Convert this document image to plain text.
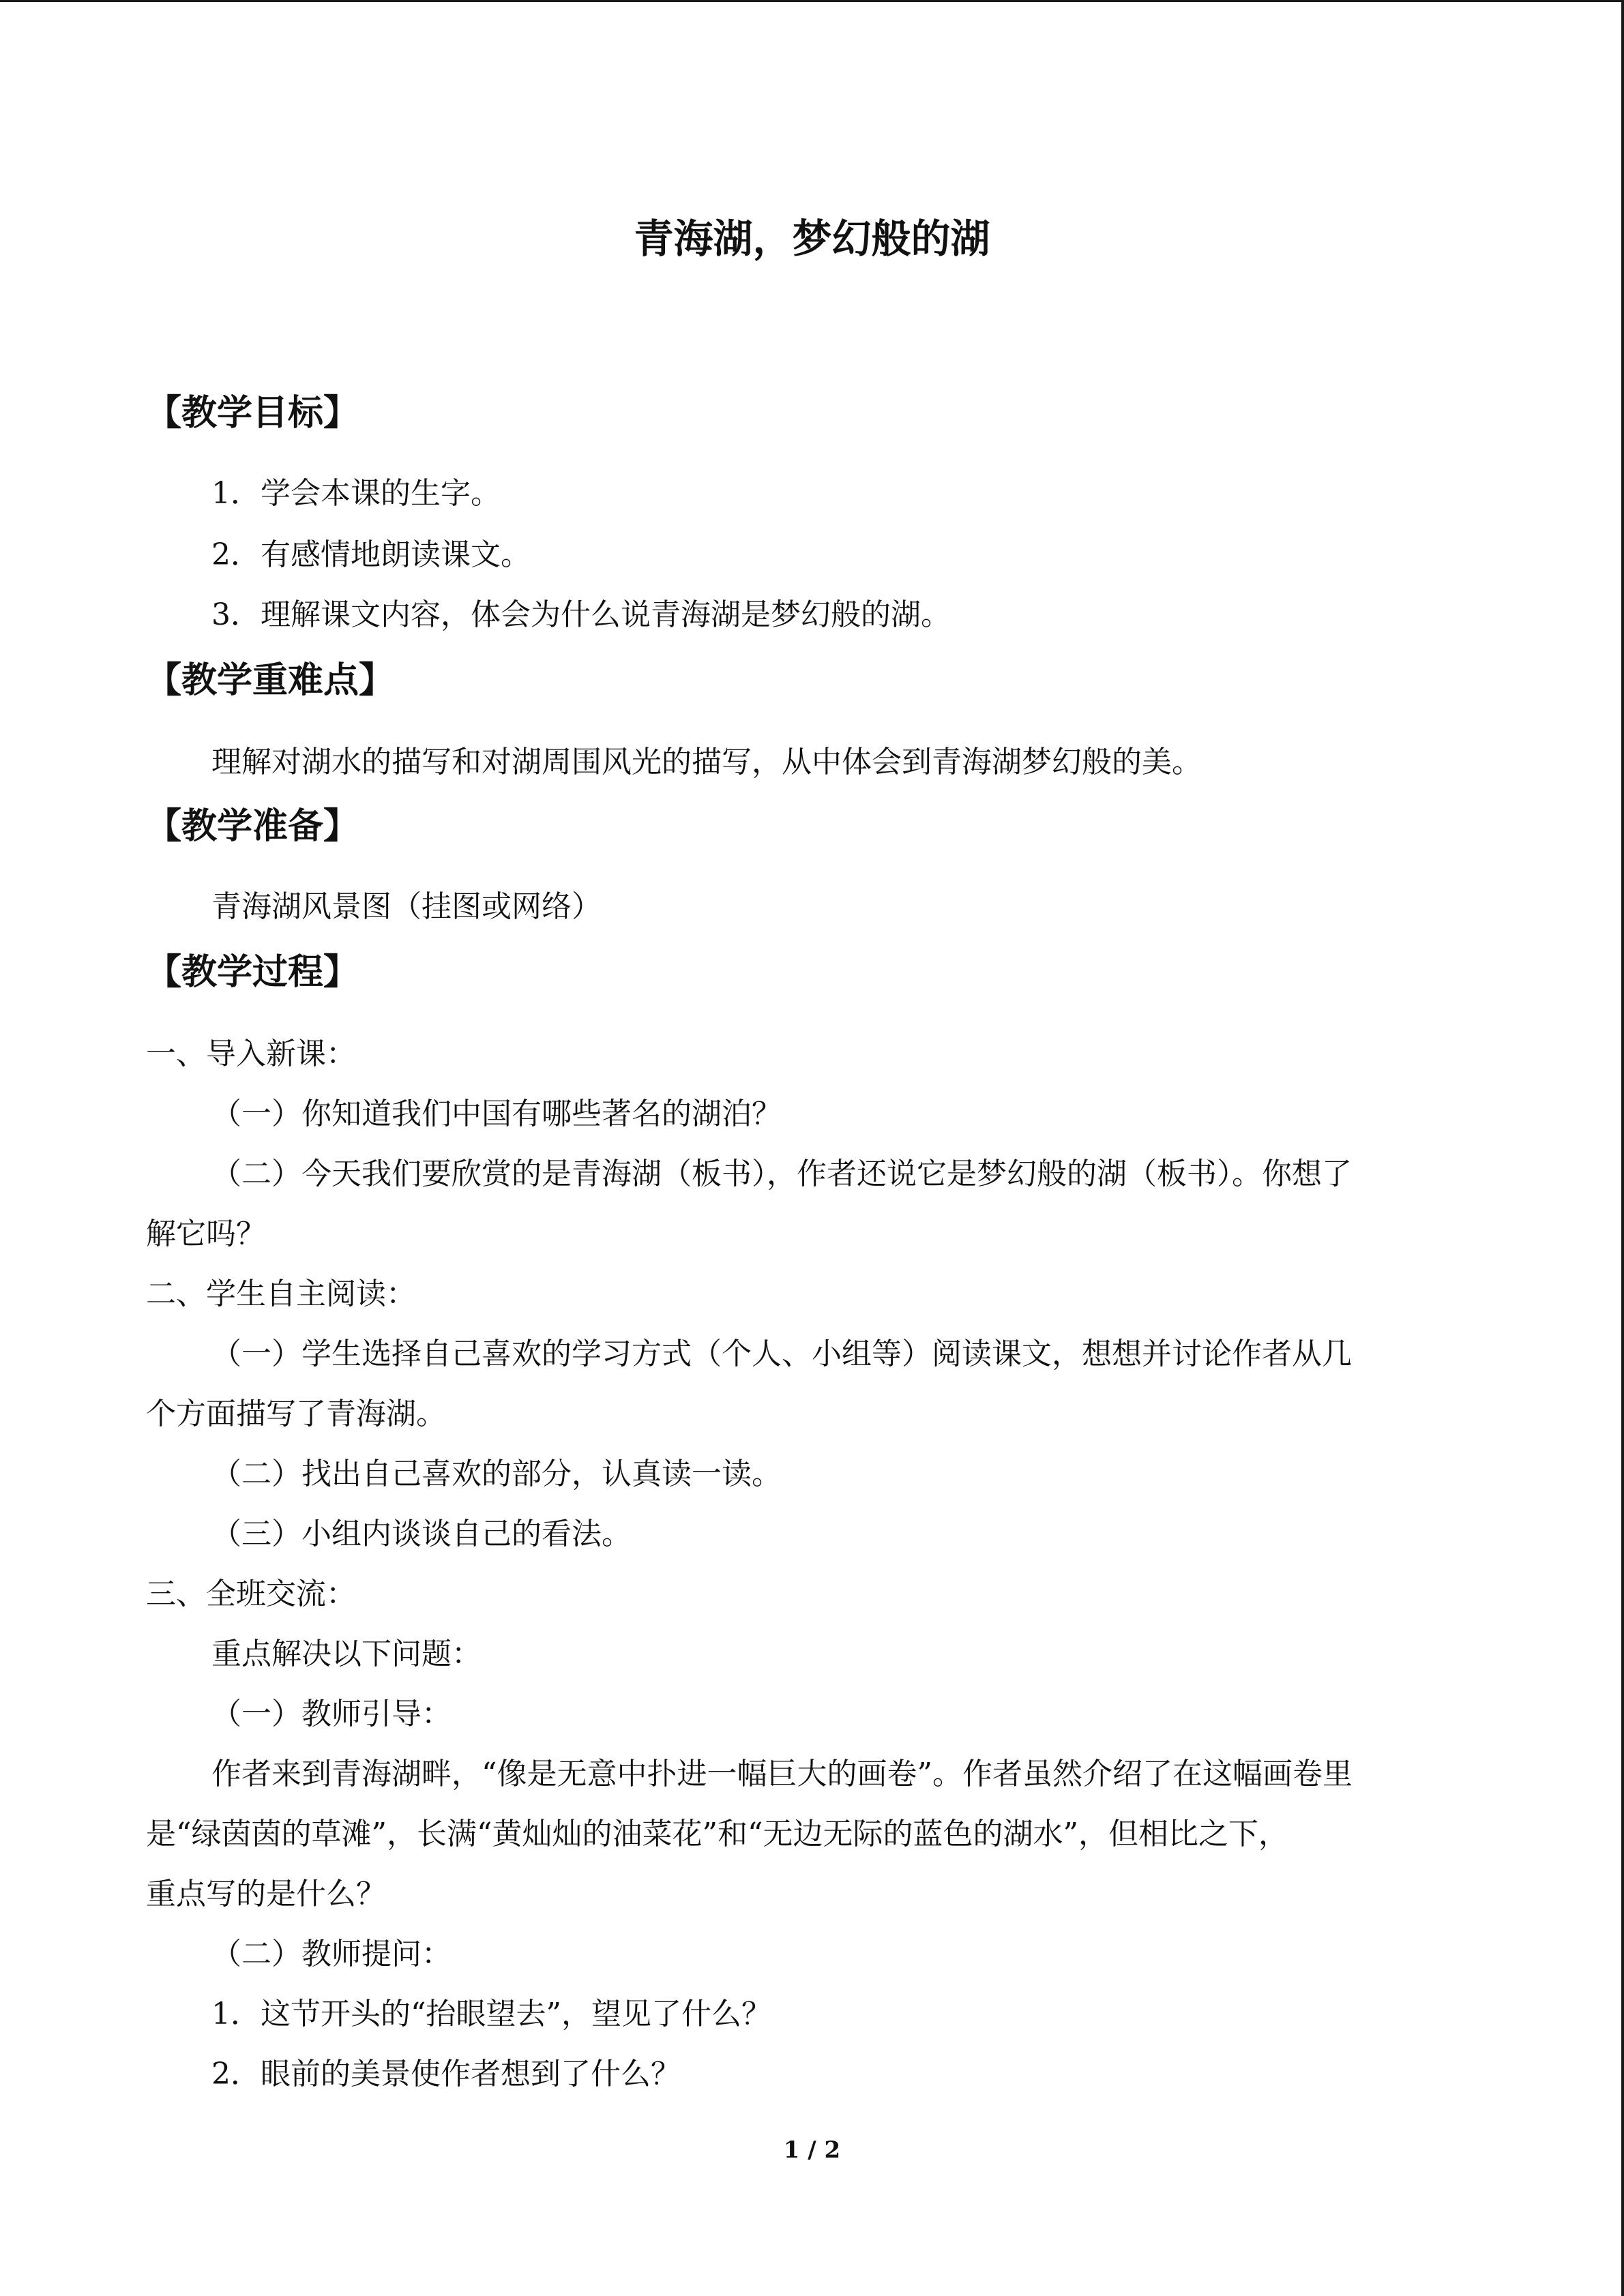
青海湖，梦幻般的湖
【教学目标】
1．学会本课的生字。
2．有感情地朗读课文。
3．理解课文内容，体会为什么说青海湖是梦幻般的湖。
【教学重难点】
理解对湖水的描写和对湖周围风光的描写，从中体会到青海湖梦幻般的美。
【教学准备】
青海湖风景图（挂图或网络）
【教学过程】
一、导入新课：
（一）你知道我们中国有哪些著名的湖泊？
（二）今天我们要欣赏的是青海湖（板书），作者还说它是梦幻般的湖（板书）。你想了
解它吗？
二、学生自主阅读：
（一）学生选择自己喜欢的学习方式（个人、小组等）阅读课文，想想并讨论作者从几
个方面描写了青海湖。
（二）找出自己喜欢的部分，认真读一读。
（三）小组内谈谈自己的看法。
三、全班交流：
重点解决以下问题：
（一）教师引导：
作者来到青海湖畔，“像是无意中扑进一幅巨大的画卷”。作者虽然介绍了在这幅画卷里
是“绿茵茵的草滩”，长满“黄灿灿的油菜花”和“无边无际的蓝色的湖水”，但相比之下，
重点写的是什么？
（二）教师提问：
1．这节开头的“抬眼望去”，望见了什么？
2．眼前的美景使作者想到了什么？
1 / 2
